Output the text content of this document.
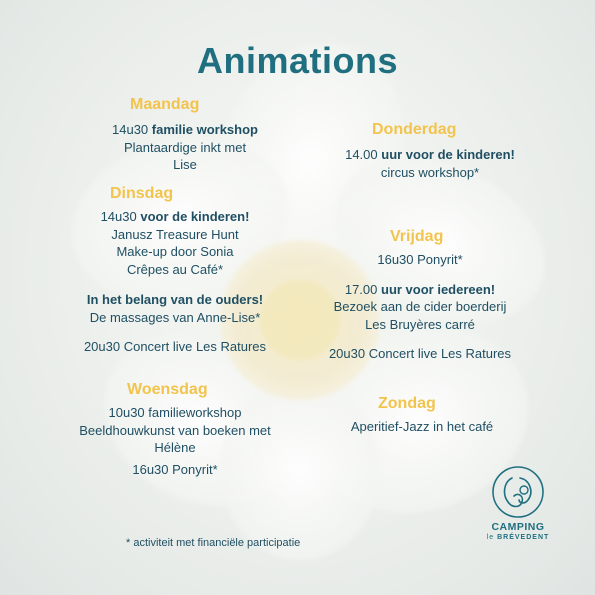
Animations
Maandag
14u30 familie workshop
Plantaardige inkt met
Lise
Dinsdag
14u30 voor de kinderen!
Janusz Treasure Hunt
Make-up door Sonia
Crêpes au Café*
In het belang van de ouders!
De massages van Anne-Lise*
20u30 Concert live Les Ratures
Woensdag
10u30 familieworkshop
Beeldhouwkunst van boeken met
Hélène
16u30 Ponyrit*
Donderdag
14.00 uur voor de kinderen!
circus workshop*
Vrijdag
16u30 Ponyrit*
17.00 uur voor iedereen!
Bezoek aan de cider boerderij
Les Bruyères carré
20u30 Concert live Les Ratures
Zondag
Aperitief-Jazz in het café
* activiteit met financiële participatie
CAMPING
le BRÉVEDENT
